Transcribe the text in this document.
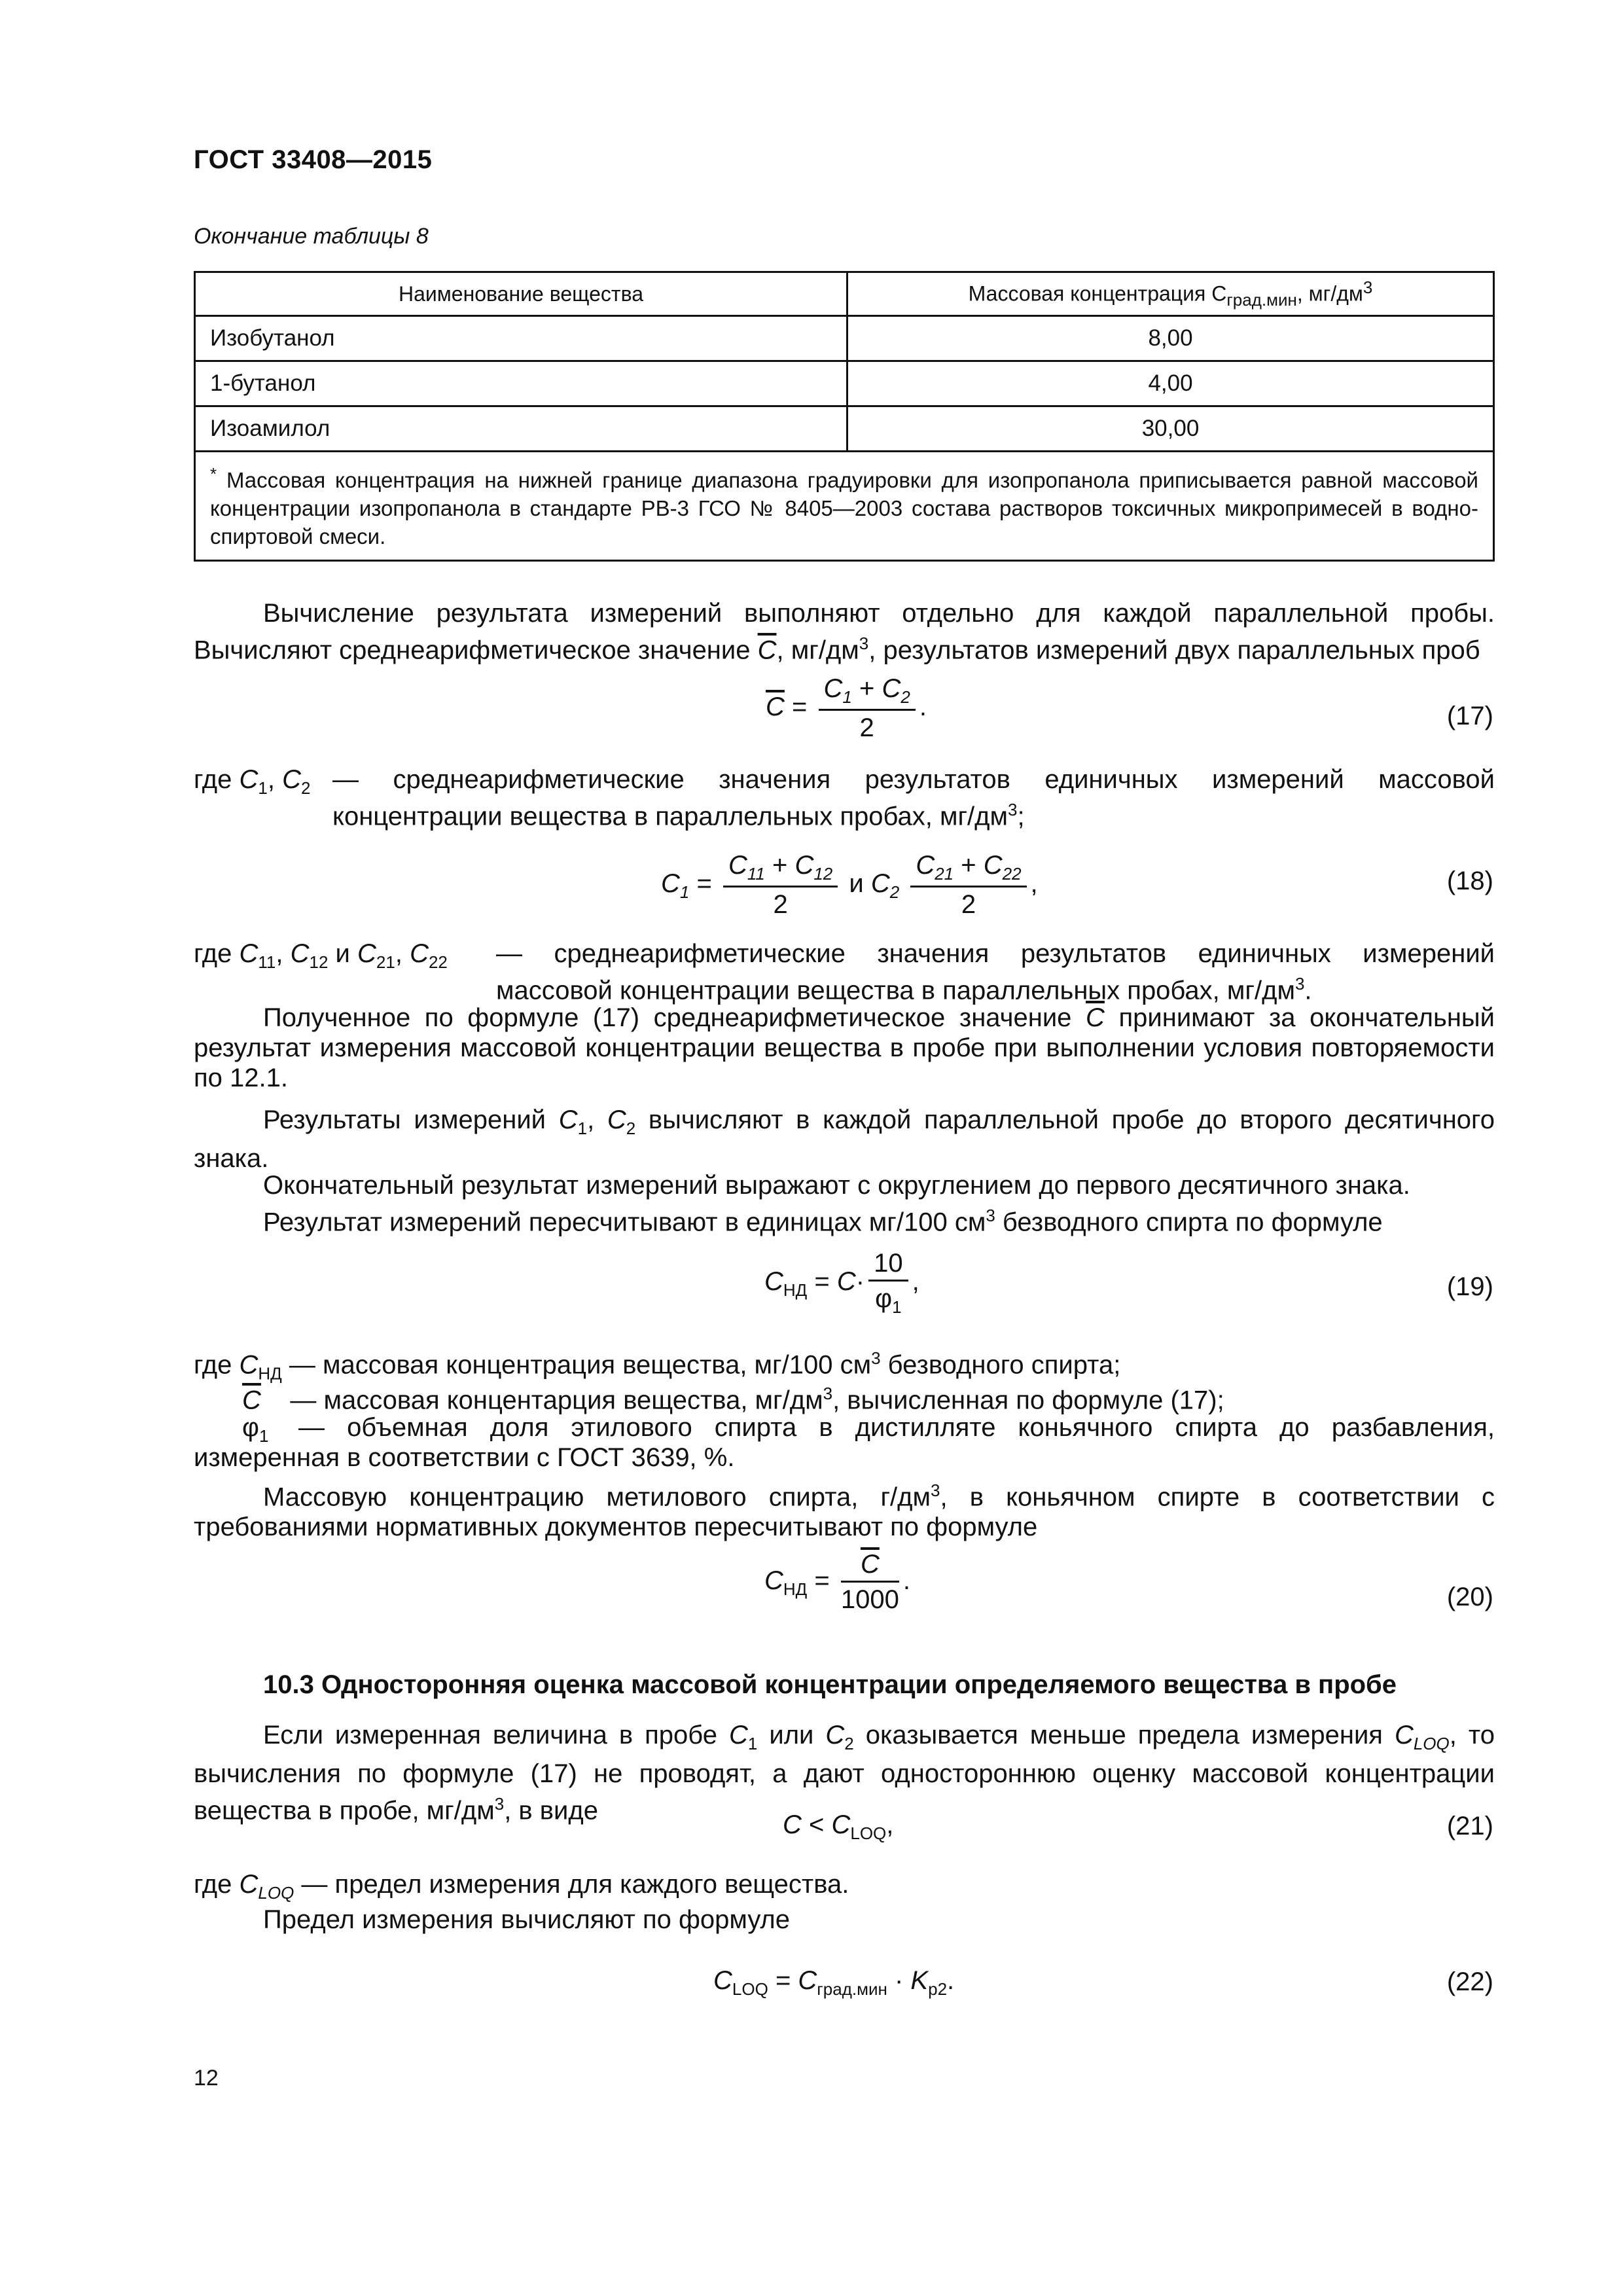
ГОСТ 33408—2015
Окончание таблицы 8
Наименование вещества	Массовая концентрация $C_{град.мин}$, $мг/дм^3$
Изобутанол	8,00
1-бутанол	4,00
Изоамилол	30,00
* Массовая концентрация на нижней границе диапазона градуировки для изопропанола приписывается равной массовой концентрации изопропанола в стандарте РВ-3 ГСО № 8405—2003 состава растворов токсичных микропримесей в водно-спиртовой смеси.	
Вычисление результата измерений выполняют отдельно для каждой параллельной пробы. Вычисляют среднеарифметическое значение $\overline{C}$, $мг/дм^3$, результатов измерений двух параллельных проб
$\overline{C} = \frac{C_1 + C_2}{2}$ .	(17)
где $C_1$, $C_2$ — среднеарифметические значения результатов единичных измерений массовой концентрации вещества в параллельных пробах, $мг/дм^3$;
$C_1 = \frac{C_{11} + C_{12}}{2}$ и $C_2 \frac{C_{21} + C_{22}}{2}$ ,	(18)
где $C_{11}$, $C_{12}$ и $C_{21}$, $C_{22}$ — среднеарифметические значения результатов единичных измерений массовой концентрации вещества в параллельных пробах, $мг/дм^3$.
Полученное по формуле (17) среднеарифметическое значение $\overline{C}$ принимают за окончательный результат измерения массовой концентрации вещества в пробе при выполнении условия повторяемости по 12.1.
Результаты измерений $C_1$, $C_2$ вычисляют в каждой параллельной пробе до второго десятичного знака.
Окончательный результат измерений выражают с округлением до первого десятичного знака.
Результат измерений пересчитывают в единицах мг/100 $см^3$ безводного спирта по формуле
$C_{НД} = C\cdot \frac{10}{\varphi_1}$ ,	(19)
где $C_{НД}$ — массовая концентрация вещества, мг/100 $см^3$ безводного спирта;
$\overline{C}$ — массовая концентарция вещества, $мг/дм^3$, вычисленная по формуле (17);
$\varphi_1$	— объемная доля этилового спирта в дистилляте коньячного спирта до разбавления, измеренная в соответствии с ГОСТ 3639, %.
Массовую концентрацию метилового спирта, $г/дм^3$, в коньячном спирте в соответствии с требованиями нормативных документов пересчитывают по формуле
$C_{НД} = \frac{\overline{C}}{1000}$ .
(20)
10.3 Односторонняя оценка массовой концентрации определяемого вещества в пробе
Если измеренная величина в пробе $C_1$ или $C_2$ оказывается меньше предела измерения $C_{LOQ}$, то вычисления по формуле (17) не проводят, а дают одностороннюю оценку массовой концентрации вещества в пробе, $мг/дм^3$, в виде	$C < C_{LOQ}$,	(21)
где $C_{LOQ}$ — предел измерения для каждого вещества.
Предел измерения вычисляют по формуле
$C_{LOQ} = C_{град.мин} \cdot K_{р2}$.	(22)
12
